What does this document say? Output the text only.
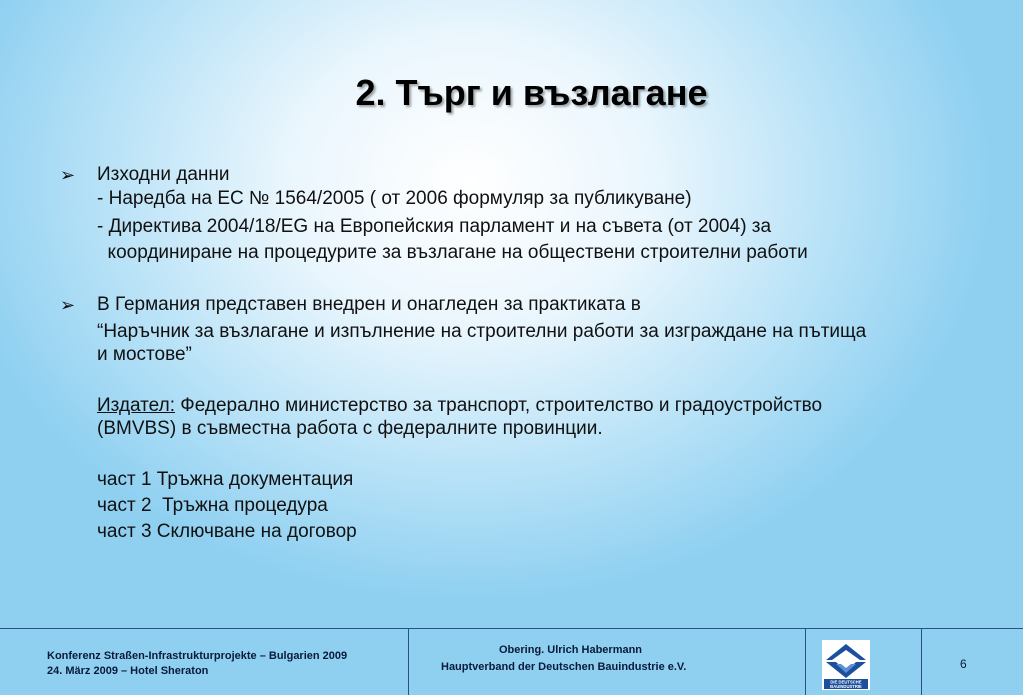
2. Търг и възлагане
➢ Изходни данни
- Наредба на ЕС № 1564/2005 ( от 2006 формуляр за публикуване)
- Директива 2004/18/EG на Европейския парламент и на съвета (от 2004) за
координиране на процедурите за възлагане на обществени строителни работи
➢ В Германия представен внедрен и онагледен за практиката в
“Наръчник за възлагане и изпълнение на строителни работи за изграждане на пътища
и мостове”
Издател: Федерално министерство за транспорт, строителство и градоустройство
(BMVBS) в съвместна работа с федералните провинции.
част 1 Тръжна документация
част 2  Тръжна процедура
част 3 Сключване на договор
Konferenz Straßen-Infrastrukturprojekte – Bulgarien 2009
24. März 2009 – Hotel Sheraton
Obering. Ulrich Habermann
Hauptverband der Deutschen Bauindustrie e.V.
DIE DEUTSCHE
BAUINDUSTRIE
6
